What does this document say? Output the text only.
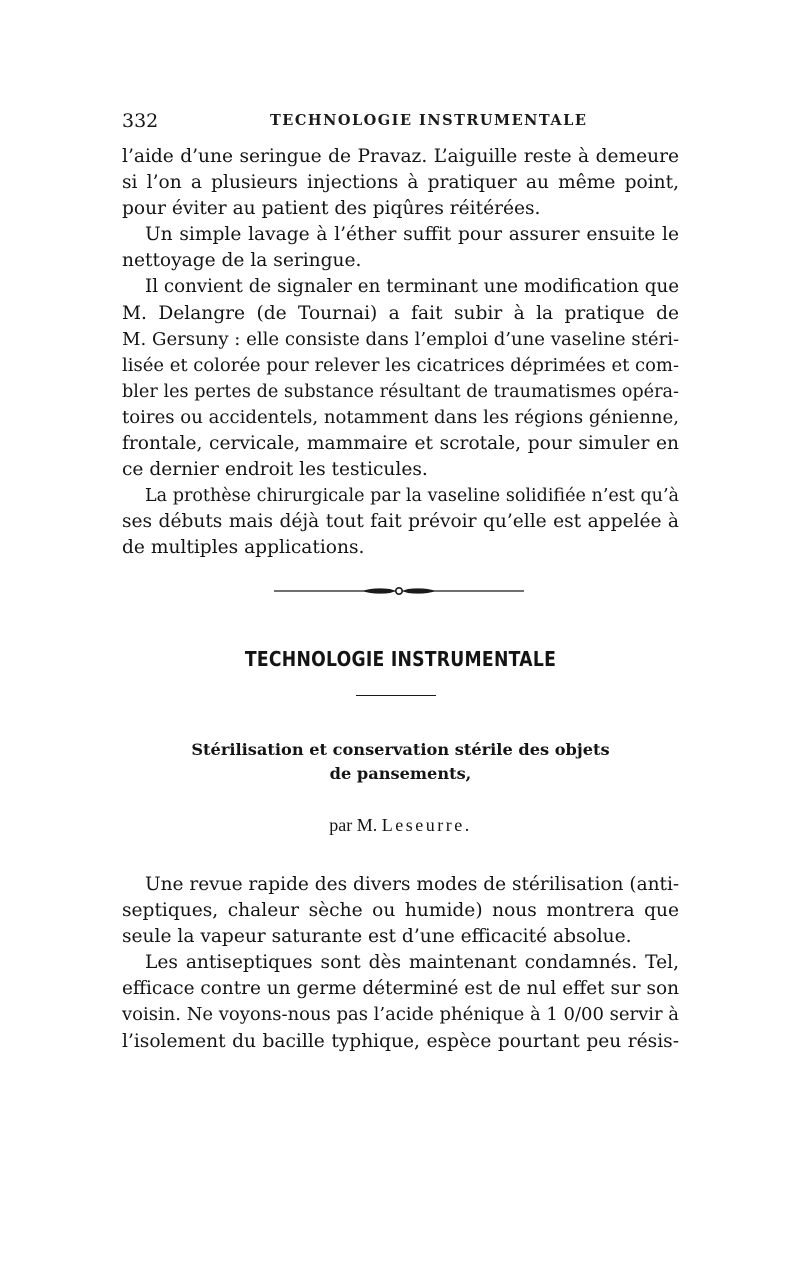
332	TECHNOLOGIE INSTRUMENTALE
l’aide d’une seringue de Pravaz. L’aiguille reste à demeure
si l’on a plusieurs injections à pratiquer au même point,
pour éviter au patient des piqûres réitérées.
Un simple lavage à l’éther suffit pour assurer ensuite le
nettoyage de la seringue.
Il convient de signaler en terminant une modification que
M. Delangre (de Tournai) a fait subir à la pratique de
M. Gersuny : elle consiste dans l’emploi d’une vaseline stéri-
lisée et colorée pour relever les cicatrices déprimées et com-
bler les pertes de substance résultant de traumatismes opéra-
toires ou accidentels, notamment dans les régions génienne,
frontale, cervicale, mammaire et scrotale, pour simuler en
ce dernier endroit les testicules.
La prothèse chirurgicale par la vaseline solidifiée n’est qu’à
ses débuts mais déjà tout fait prévoir qu’elle est appelée à
de multiples applications.
TECHNOLOGIE INSTRUMENTALE
Stérilisation et conservation stérile des objets
de pansements,
par M. Leseurre.
Une revue rapide des divers modes de stérilisation (anti-
septiques, chaleur sèche ou humide) nous montrera que
seule la vapeur saturante est d’une efficacité absolue.
Les antiseptiques sont dès maintenant condamnés. Tel,
efficace contre un germe déterminé est de nul effet sur son
voisin. Ne voyons-nous pas l’acide phénique à 1 0/00 servir à
l’isolement du bacille typhique, espèce pourtant peu résis-
